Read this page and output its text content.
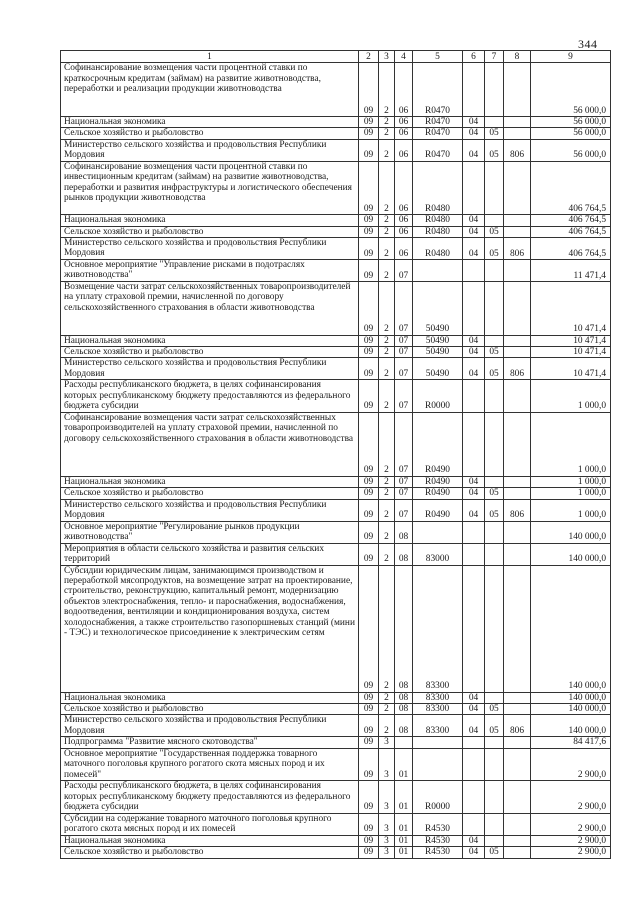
344
1	2	3	4	5	6	7	8	9
Софинансирование возмещения части процентной ставки по краткосрочным кредитам (займам) на развитие животноводства, переработки и реализации продукции животноводства	09	2	06	R0470				56 000,0
Национальная экономика	09	2	06	R0470	04			56 000,0
Сельское хозяйство и рыболовство	09	2	06	R0470	04	05		56 000,0
Министерство сельского хозяйства и продовольствия Республики Мордовия	09	2	06	R0470	04	05	806	56 000,0
Софинансирование возмещения части процентной ставки по инвестиционным кредитам (займам) на развитие животноводства, переработки и развития инфраструктуры и логистического обеспечения рынков продукции животноводства	09	2	06	R0480				406 764,5
Национальная экономика	09	2	06	R0480	04			406 764,5
Сельское хозяйство и рыболовство	09	2	06	R0480	04	05		406 764,5
Министерство сельского хозяйства и продовольствия Республики Мордовия	09	2	06	R0480	04	05	806	406 764,5
Основное мероприятие "Управление рисками в подотраслях животноводства"	09	2	07					11 471,4
Возмещение части затрат сельскохозяйственных товаропроизводителей на уплату страховой премии, начисленной по договору сельскохозяйственного страхования в области животноводства	09	2	07	50490				10 471,4
Национальная экономика	09	2	07	50490	04			10 471,4
Сельское хозяйство и рыболовство	09	2	07	50490	04	05		10 471,4
Министерство сельского хозяйства и продовольствия Республики Мордовия	09	2	07	50490	04	05	806	10 471,4
Расходы республиканского бюджета, в целях софинансирования которых республиканскому бюджету предоставляются из федерального бюджета субсидии	09	2	07	R0000				1 000,0
Софинансирование возмещения части затрат сельскохозяйственных товаропроизводителей на уплату страховой премии, начисленной по договору сельскохозяйственного страхования в области животноводства	09	2	07	R0490				1 000,0
Национальная экономика	09	2	07	R0490	04			1 000,0
Сельское хозяйство и рыболовство	09	2	07	R0490	04	05		1 000,0
Министерство сельского хозяйства и продовольствия Республики Мордовия	09	2	07	R0490	04	05	806	1 000,0
Основное мероприятие "Регулирование рынков продукции животноводства"	09	2	08					140 000,0
Мероприятия в области сельского хозяйства и развития сельских территорий	09	2	08	83000				140 000,0
Субсидии юридическим лицам, занимающимся производством и переработкой мясопродуктов, на возмещение затрат на проектирование, строительство, реконструкцию, капитальный ремонт, модернизацию объектов электроснабжения, тепло- и пароснабжения, водоснабжения, водоотведения, вентиляции и кондиционирования воздуха, систем холодоснабжения, а также строительство газопоршневых станций (мини - ТЭС) и технологическое присоединение к электрическим сетям	09	2	08	83300				140 000,0
Национальная экономика	09	2	08	83300	04			140 000,0
Сельское хозяйство и рыболовство	09	2	08	83300	04	05		140 000,0
Министерство сельского хозяйства и продовольствия Республики Мордовия	09	2	08	83300	04	05	806	140 000,0
Подпрограмма "Развитие мясного скотоводства"	09	3						84 417,6
Основное мероприятие "Государственная поддержка товарного маточного поголовья крупного рогатого скота мясных пород и их помесей"	09	3	01					2 900,0
Расходы республиканского бюджета, в целях софинансирования которых республиканскому бюджету предоставляются из федерального бюджета субсидии	09	3	01	R0000				2 900,0
Субсидии на содержание товарного маточного поголовья крупного рогатого скота мясных пород и их помесей	09	3	01	R4530				2 900,0
Национальная экономика	09	3	01	R4530	04			2 900,0
Сельское хозяйство и рыболовство	09	3	01	R4530	04	05		2 900,0
